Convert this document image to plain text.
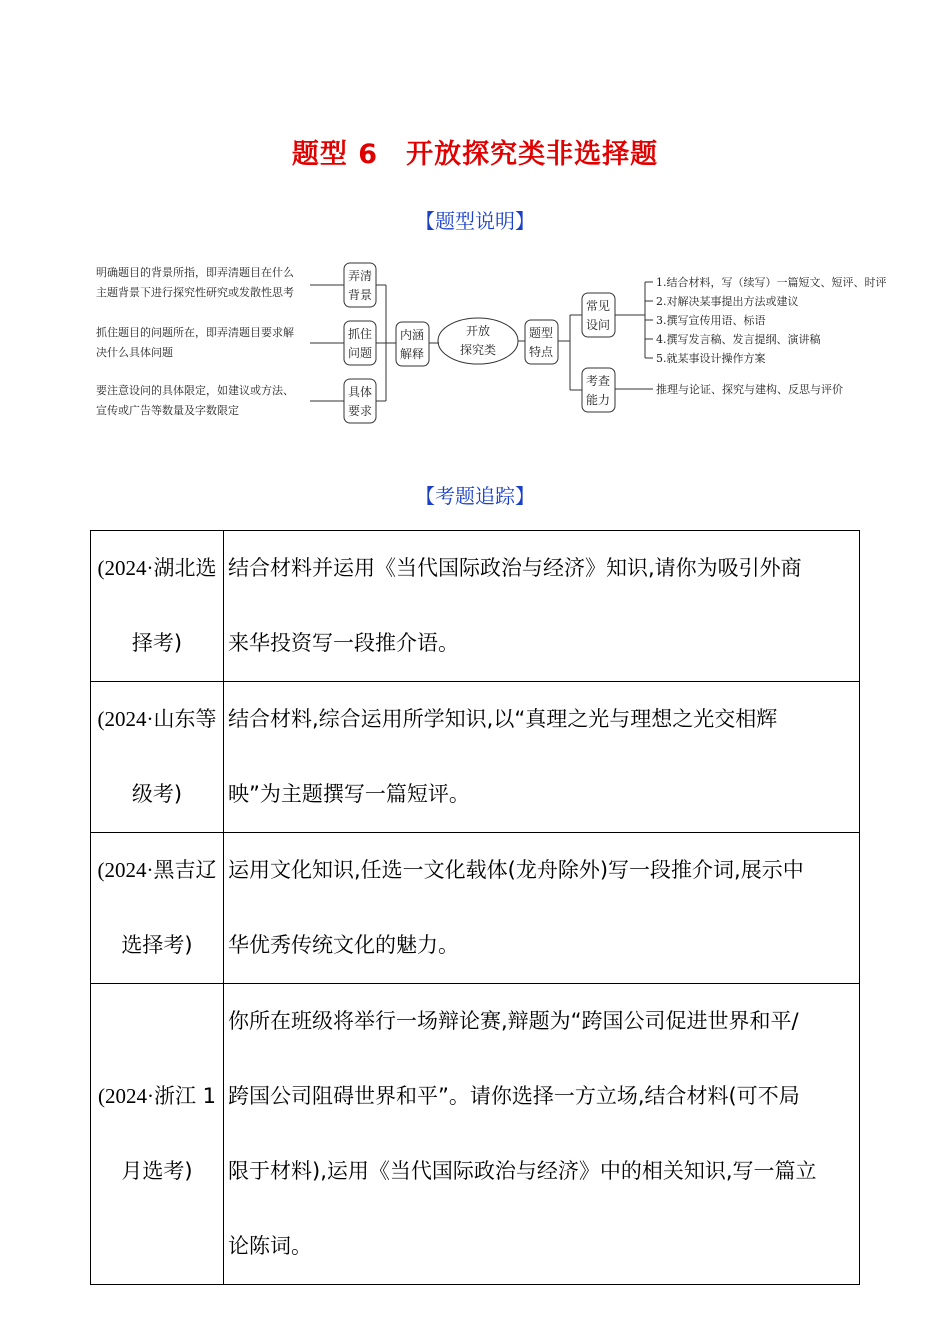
题型 6　开放探究类非选择题
【题型说明】
明确题目的背景所指，即弄清题目在什么
主题背景下进行探究性研究或发散性思考
抓住题目的问题所在，即弄清题目要求解
决什么具体问题
要注意设问的具体限定，如建议或方法、
宣传或广告等数量及字数限定
弄清
背景
抓住
问题
具体
要求
内涵
解释
开放
探究类
题型
特点
常见
设问
考查
能力
1.结合材料，写（续写）一篇短文、短评、时评
2.对解决某事提出方法或建议
3.撰写宣传用语、标语
4.撰写发言稿、发言提纲、演讲稿
5.就某事设计操作方案
推理与论证、探究与建构、反思与评价
【考题追踪】
(2024·湖北选
择考)	结合材料并运用《当代国际政治与经济》知识,请你为吸引外商
来华投资写一段推介语。
(2024·山东等
级考)	结合材料,综合运用所学知识,以“真理之光与理想之光交相辉
映”为主题撰写一篇短评。
(2024·黑吉辽
选择考)	运用文化知识,任选一文化载体(龙舟除外)写一段推介词,展示中
华优秀传统文化的魅力。
(2024·浙江 1
月选考)	你所在班级将举行一场辩论赛,辩题为“跨国公司促进世界和平/
跨国公司阻碍世界和平”。请你选择一方立场,结合材料(可不局
限于材料),运用《当代国际政治与经济》中的相关知识,写一篇立
论陈词。
